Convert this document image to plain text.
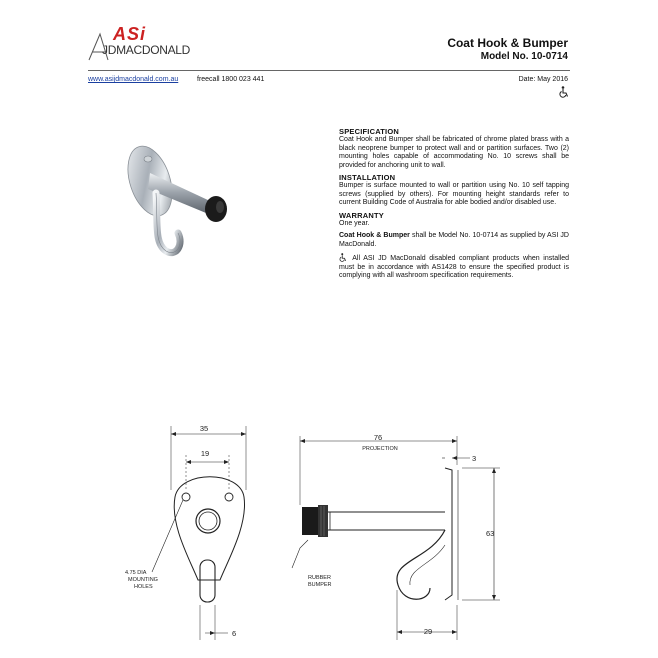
ASi
JDMACDONALD	Coat Hook & Bumper
Model No. 10-0714
www.asijdmacdonald.com.au	freecall 1800 023 441	Date: May 2016
SPECIFICATION

Coat Hook and Bumper shall be fabricated of chrome plated brass with a black neoprene bumper to protect wall and or partition surfaces. Two (2) mounting holes capable of accommodating No. 10 screws shall be provided for anchoring unit to wall.

INSTALLATION

Bumper is surface mounted to wall or partition using No. 10 self tapping screws (supplied by others). For mounting height standards refer to current Building Code of Australia for able bodied and/or disabled use.

WARRANTY

One year.

Coat Hook & Bumper shall be Model No. 10-0714 as supplied by ASI JD MacDonald.

All ASI JD MacDonald disabled compliant products when installed must be in accordance with AS1428 to ensure the specified product is complying with all washroom specification requirements.

35
19
4.75 DIA
MOUNTING
HOLES
6
76
PROJECTION
3
63
29
RUBBER
BUMPER
